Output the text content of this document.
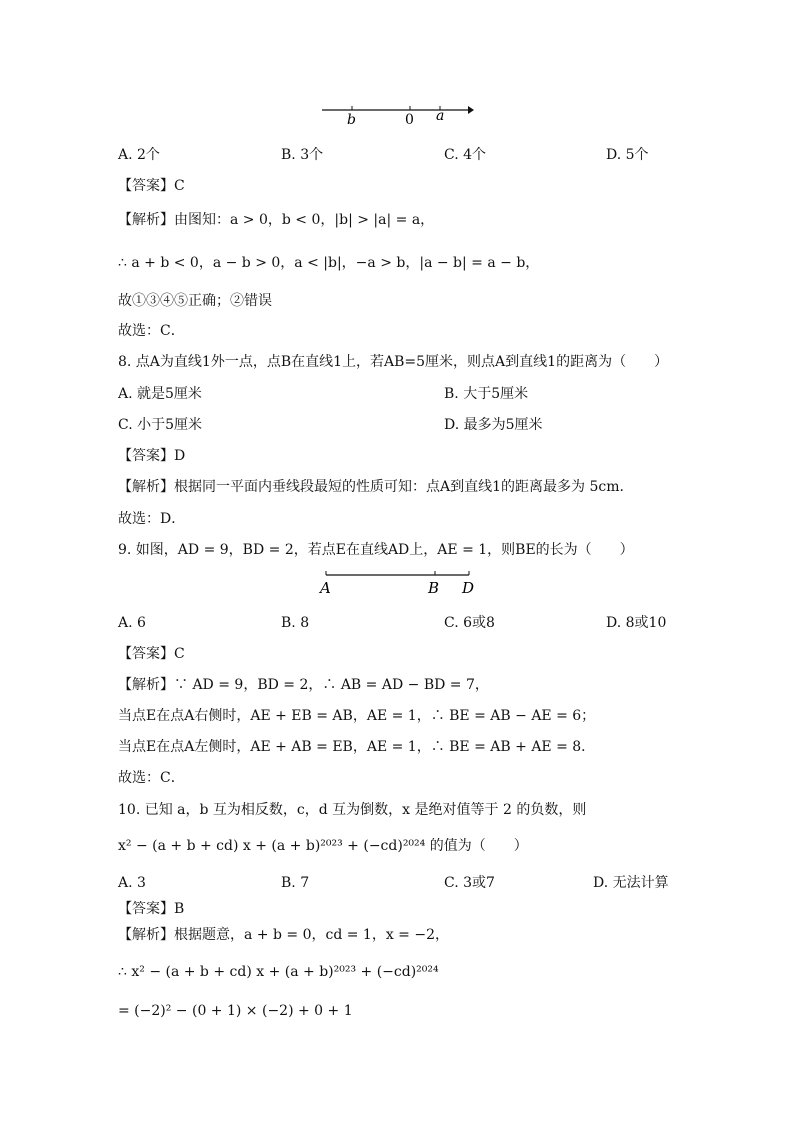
b	0 a
A. 2个	B. 3个	C. 4个	D. 5个
【答案】C
【解析】由图知：a > 0，b < 0，|b| > |a| = a，
∴ a + b < 0，a − b > 0，a < |b|，−a > b，|a − b| = a − b，
故①③④⑤正确；②错误
故选：C．
8. 点A为直线1外一点，点B在直线1上，若AB=5厘米，则点A到直线1的距离为（　　）
A. 就是5厘米	B. 大于5厘米
C. 小于5厘米	D. 最多为5厘米
【答案】D
【解析】根据同一平面内垂线段最短的性质可知：点A到直线1的距离最多为 5cm．
故选：D．
9. 如图，AD = 9，BD = 2，若点E在直线AD上，AE = 1，则BE的长为（　　）
A	B D
A. 6	B. 8	C. 6或8	D. 8或10
【答案】C
【解析】∵ AD = 9，BD = 2，∴ AB = AD − BD = 7，
当点E在点A右侧时，AE + EB = AB，AE = 1，∴ BE = AB − AE = 6；
当点E在点A左侧时，AE + AB = EB，AE = 1，∴ BE = AB + AE = 8．
故选：C．
10. 已知 a，b 互为相反数，c，d 互为倒数，x 是绝对值等于 2 的负数，则
x² − (a + b + cd) x + (a + b)²⁰²³ + (−cd)²⁰²⁴ 的值为（　　）
A. 3	B. 7	C. 3或7	D. 无法计算
【答案】B
【解析】根据题意，a + b = 0，cd = 1，x = −2，
∴ x² − (a + b + cd) x + (a + b)²⁰²³ + (−cd)²⁰²⁴
= (−2)² − (0 + 1) × (−2) + 0 + 1
